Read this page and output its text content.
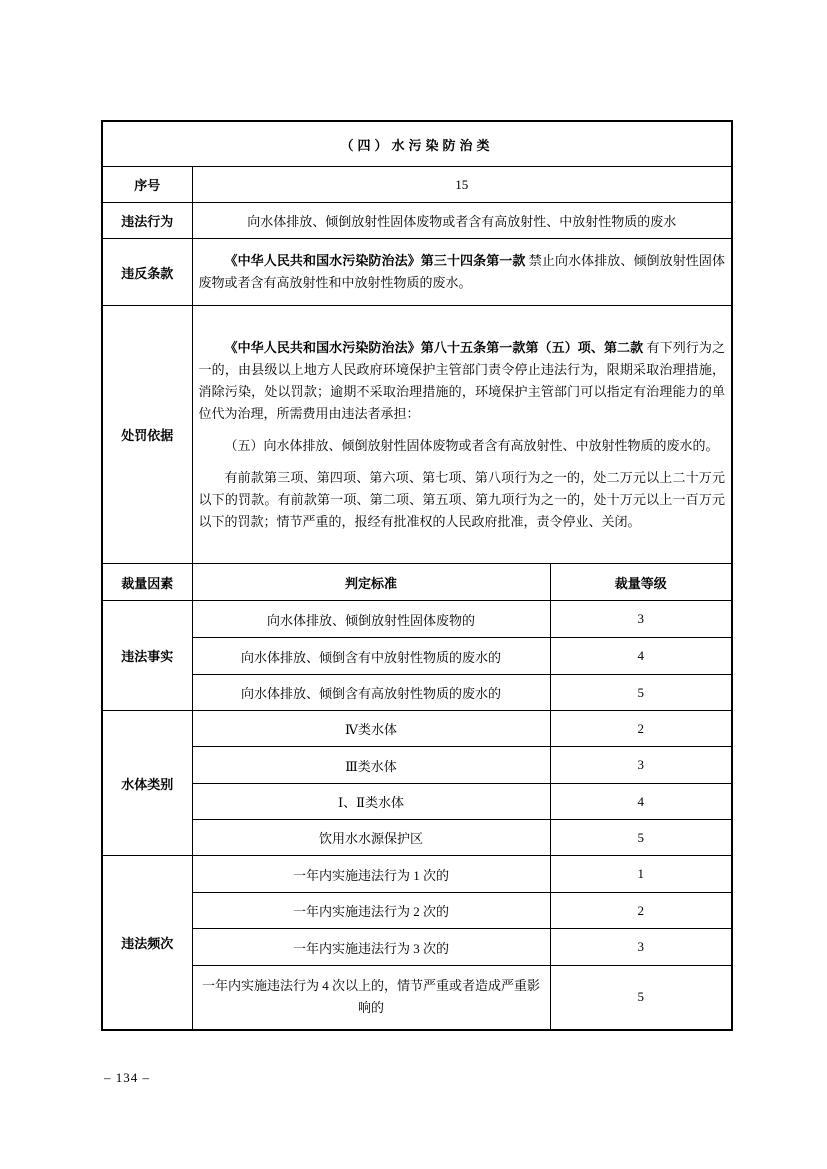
（四）水污染防治类		
序号	15	
违法行为	向水体排放、倾倒放射性固体废物或者含有高放射性、中放射性物质的废水	
违反条款	《中华人民共和国水污染防治法》第三十四条第一款 禁止向水体排放、倾倒放射性固体废物或者含有高放射性和中放射性物质的废水。	

处罚依据	《中华人民共和国水污染防治法》第八十五条第一款第（五）项、第二款 有下列行为之一的，由县级以上地方人民政府环境保护主管部门责令停止违法行为，限期采取治理措施，消除污染，处以罚款；逾期不采取治理措施的，环境保护主管部门可以指定有治理能力的单位代为治理，所需费用由违法者承担：

（五）向水体排放、倾倒放射性固体废物或者含有高放射性、中放射性物质的废水的。

有前款第三项、第四项、第六项、第七项、第八项行为之一的，处二万元以上二十万元以下的罚款。有前款第一项、第二项、第五项、第九项行为之一的，处十万元以上一百万元以下的罚款；情节严重的，报经有批准权的人民政府批准，责令停业、关闭。	

裁量因素	判定标准	裁量等级
违法事实	向水体排放、倾倒放射性固体废物的	3
	向水体排放、倾倒含有中放射性物质的废水的	4
	向水体排放、倾倒含有高放射性物质的废水的	5
水体类别	Ⅳ类水体	2
	Ⅲ类水体	3
	Ⅰ、Ⅱ类水体	4
	饮用水水源保护区	5
违法频次	一年内实施违法行为 1 次的	1
	一年内实施违法行为 2 次的	2
	一年内实施违法行为 3 次的	3
	一年内实施违法行为 4 次以上的，情节严重或者造成严重影响的	5
– 134 –
